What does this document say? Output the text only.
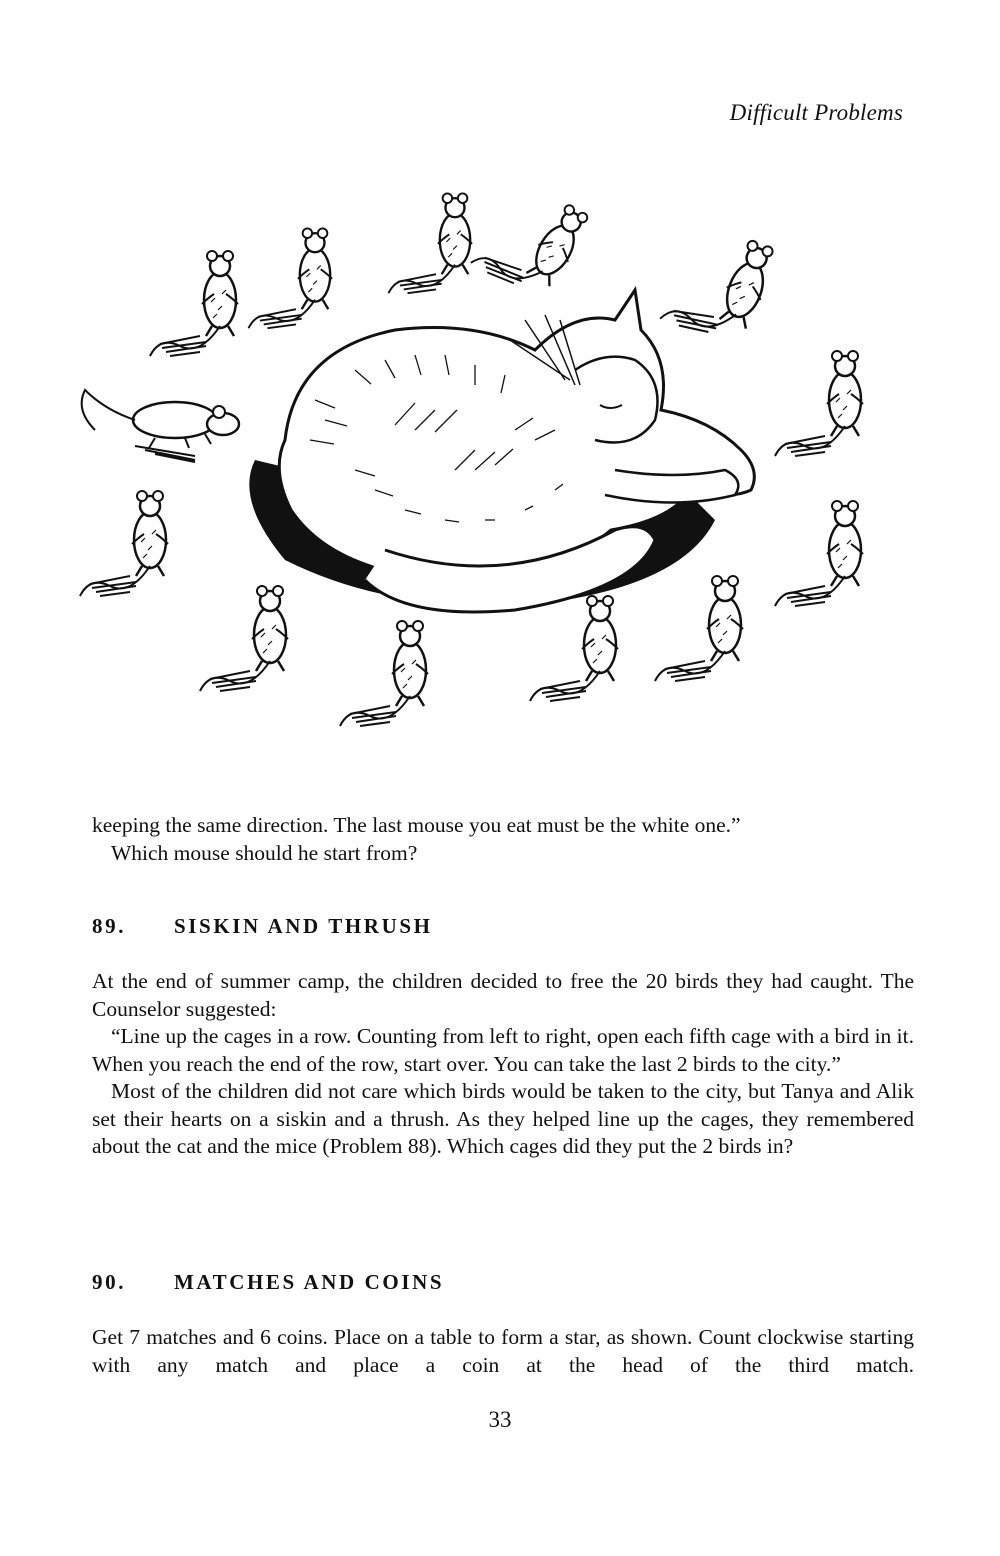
Difficult Problems

keeping the same direction. The last mouse you eat must be the white one.”

Which mouse should he start from?

89. SISKIN AND THRUSH

At the end of summer camp, the children decided to free the 20 birds they had caught. The Counselor suggested:

“Line up the cages in a row. Counting from left to right, open each fifth cage with a bird in it. When you reach the end of the row, start over. You can take the last 2 birds to the city.”

Most of the children did not care which birds would be taken to the city, but Tanya and Alik set their hearts on a siskin and a thrush. As they helped line up the cages, they remembered about the cat and the mice (Problem 88). Which cages did they put the 2 birds in?

90. MATCHES AND COINS

Get 7 matches and 6 coins. Place on a table to form a star, as shown. Count clockwise starting with any match and place a coin at the head of the third match.

33
